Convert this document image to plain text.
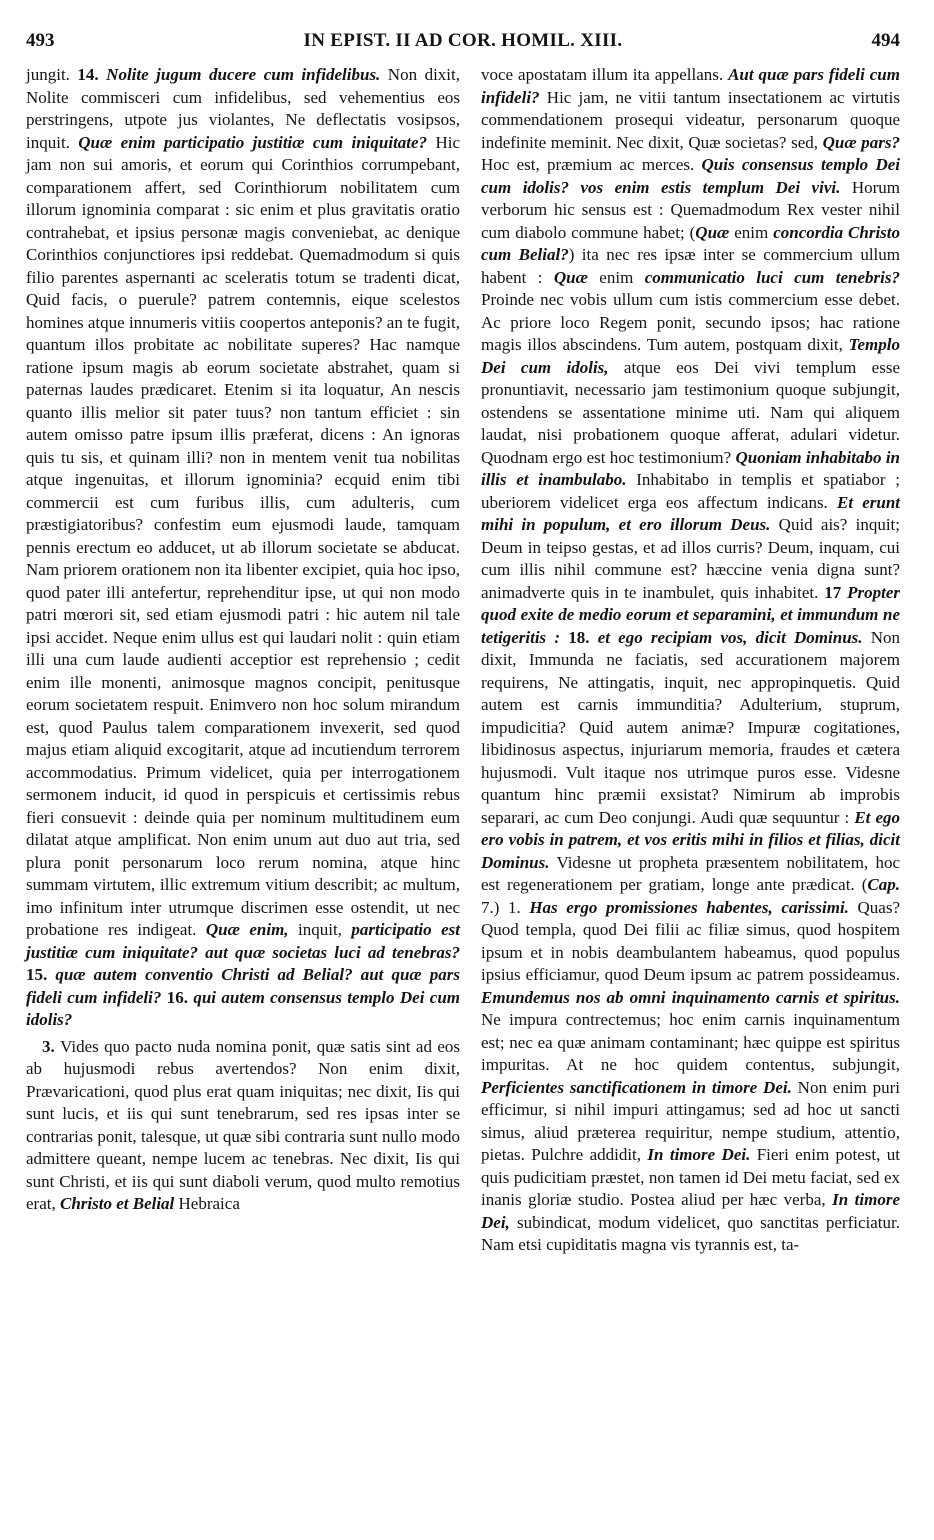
493	IN EPIST. II AD COR. HOMIL. XIII.	494

jungit. 14. Nolite jugum ducere cum infidelibus. Non dixit, Nolite commisceri cum infidelibus, sed vehementius eos perstringens, utpote jus violantes, Ne deflectatis vosipsos, inquit. Quæ enim participatio justitiæ cum iniquitate? Hic jam non sui amoris, et eorum qui Corinthios corrumpebant, comparationem affert, sed Corinthiorum nobilitatem cum illorum ignominia comparat : sic enim et plus gravitatis oratio contrahebat, et ipsius personæ magis conveniebat, ac denique Corinthios conjunctiores ipsi reddebat. Quemadmodum si quis filio parentes aspernanti ac sceleratis totum se tradenti dicat, Quid facis, o puerule? patrem contemnis, eique scelestos homines atque innumeris vitiis coopertos anteponis? an te fugit, quantum illos probitate ac nobilitate superes? Hac namque ratione ipsum magis ab eorum societate abstrahet, quam si paternas laudes prædicaret. Etenim si ita loquatur, An nescis quanto illis melior sit pater tuus? non tantum efficiet : sin autem omisso patre ipsum illis præferat, dicens : An ignoras quis tu sis, et quinam illi? non in mentem venit tua nobilitas atque ingenuitas, et illorum ignominia? ecquid enim tibi commercii est cum furibus illis, cum adulteris, cum præstigiatoribus? confestim eum ejusmodi laude, tamquam pennis erectum eo adducet, ut ab illorum societate se abducat. Nam priorem orationem non ita libenter excipiet, quia hoc ipso, quod pater illi antefertur, reprehenditur ipse, ut qui non modo patri mœrori sit, sed etiam ejusmodi patri : hic autem nil tale ipsi accidet. Neque enim ullus est qui laudari nolit : quin etiam illi una cum laude audienti acceptior est reprehensio ; cedit enim ille monenti, animosque magnos concipit, penitusque eorum societatem respuit. Enimvero non hoc solum mirandum est, quod Paulus talem comparationem invexerit, sed quod majus etiam aliquid excogitarit, atque ad incutiendum terrorem accommodatius. Primum videlicet, quia per interrogationem sermonem inducit, id quod in perspicuis et certissimis rebus fieri consuevit : deinde quia per nominum multitudinem eum dilatat atque amplificat. Non enim unum aut duo aut tria, sed plura ponit personarum loco rerum nomina, atque hinc summam virtutem, illic extremum vitium describit; ac multum, imo infinitum inter utrumque discrimen esse ostendit, ut nec probatione res indigeat. Quæ enim, inquit, participatio est justitiæ cum iniquitate? aut quæ societas luci ad tenebras? 15. quæ autem conventio Christi ad Belial? aut quæ pars fideli cum infideli? 16. qui autem consensus templo Dei cum idolis?

3. Vides quo pacto nuda nomina ponit, quæ satis sint ad eos ab hujusmodi rebus avertendos? Non enim dixit, Prævaricationi, quod plus erat quam iniquitas; nec dixit, Iis qui sunt lucis, et iis qui sunt tenebrarum, sed res ipsas inter se contrarias ponit, talesque, ut quæ sibi contraria sunt nullo modo admittere queant, nempe lucem ac tenebras. Nec dixit, Iis qui sunt Christi, et iis qui sunt diaboli verum, quod multo remotius erat, Christo et Belial Hebraica

voce apostatam illum ita appellans. Aut quæ pars fideli cum infideli? Hic jam, ne vitii tantum insectationem ac virtutis commendationem prosequi videatur, personarum quoque indefinite meminit. Nec dixit, Quæ societas? sed, Quæ pars? Hoc est, præmium ac merces. Quis consensus templo Dei cum idolis? vos enim estis templum Dei vivi. Horum verborum hic sensus est : Quemadmodum Rex vester nihil cum diabolo commune habet; (Quæ enim concordia Christo cum Belial?) ita nec res ipsæ inter se commercium ullum habent : Quæ enim communicatio luci cum tenebris? Proinde nec vobis ullum cum istis commercium esse debet. Ac priore loco Regem ponit, secundo ipsos; hac ratione magis illos abscindens. Tum autem, postquam dixit, Templo Dei cum idolis, atque eos Dei vivi templum esse pronuntiavit, necessario jam testimonium quoque subjungit, ostendens se assentatione minime uti. Nam qui aliquem laudat, nisi probationem quoque afferat, adulari videtur. Quodnam ergo est hoc testimonium? Quoniam inhabitabo in illis et inambulabo. Inhabitabo in templis et spatiabor ; uberiorem videlicet erga eos affectum indicans. Et erunt mihi in populum, et ero illorum Deus. Quid ais? inquit; Deum in teipso gestas, et ad illos curris? Deum, inquam, cui cum illis nihil commune est? hæccine venia digna sunt? animadverte quis in te inambulet, quis inhabitet. 17 Propter quod exite de medio eorum et separamini, et immundum ne tetigeritis : 18. et ego recipiam vos, dicit Dominus. Non dixit, Immunda ne faciatis, sed accurationem majorem requirens, Ne attingatis, inquit, nec appropinquetis. Quid autem est carnis immunditia? Adulterium, stuprum, impudicitia? Quid autem animæ? Impuræ cogitationes, libidinosus aspectus, injuriarum memoria, fraudes et cætera hujusmodi. Vult itaque nos utrimque puros esse. Videsne quantum hinc præmii exsistat? Nimirum ab improbis separari, ac cum Deo conjungi. Audi quæ sequuntur : Et ego ero vobis in patrem, et vos eritis mihi in filios et filias, dicit Dominus. Videsne ut propheta præsentem nobilitatem, hoc est regenerationem per gratiam, longe ante prædicat. (Cap. 7.) 1. Has ergo promissiones habentes, carissimi. Quas? Quod templa, quod Dei filii ac filiæ simus, quod hospitem ipsum et in nobis deambulantem habeamus, quod populus ipsius efficiamur, quod Deum ipsum ac patrem possideamus. Emundemus nos ab omni inquinamento carnis et spiritus. Ne impura contrectemus; hoc enim carnis inquinamentum est; nec ea quæ animam contaminant; hæc quippe est spiritus impuritas. At ne hoc quidem contentus, subjungit, Perficientes sanctificationem in timore Dei. Non enim puri efficimur, si nihil impuri attingamus; sed ad hoc ut sancti simus, aliud præterea requiritur, nempe studium, attentio, pietas. Pulchre addidit, In timore Dei. Fieri enim potest, ut quis pudicitiam præstet, non tamen id Dei metu faciat, sed ex inanis gloriæ studio. Postea aliud per hæc verba, In timore Dei, subindicat, modum videlicet, quo sanctitas perficiatur. Nam etsi cupiditatis magna vis tyrannis est, ta-
